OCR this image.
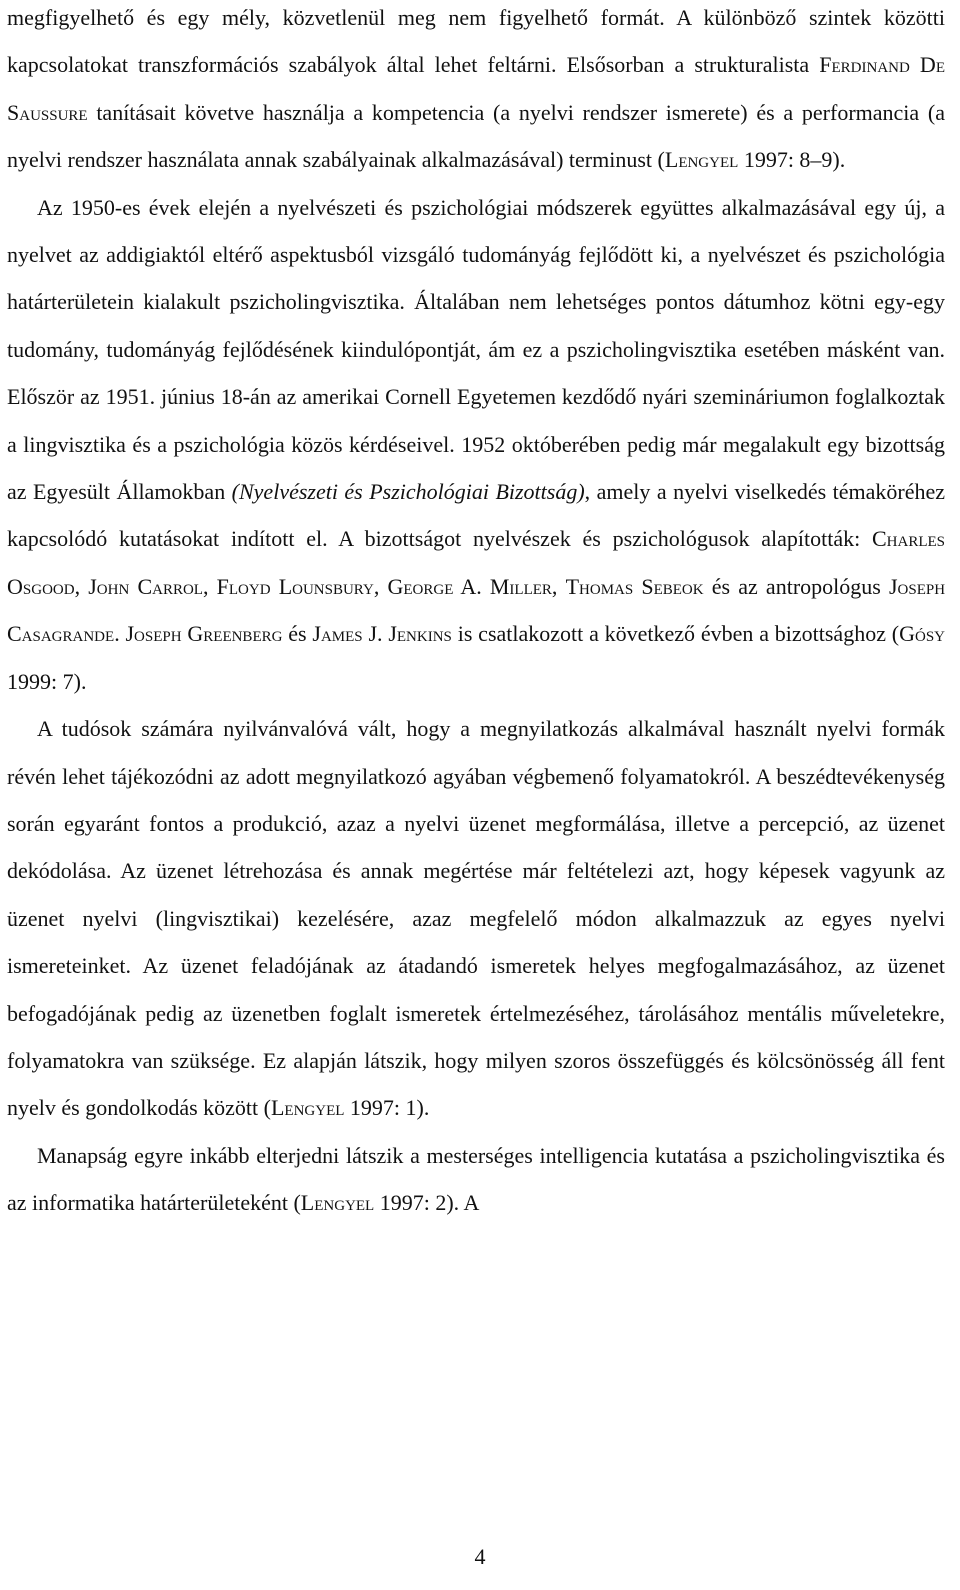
megfigyelhető és egy mély, közvetlenül meg nem figyelhető formát. A különböző szintek közötti kapcsolatokat transzformációs szabályok által lehet feltárni. Elsősorban a strukturalista Ferdinand De Saussure tanításait követve használja a kompetencia (a nyelvi rendszer ismerete) és a performancia (a nyelvi rendszer használata annak szabályainak alkalmazásával) terminust (Lengyel 1997: 8–9).

Az 1950-es évek elején a nyelvészeti és pszichológiai módszerek együttes alkalmazásával egy új, a nyelvet az addigiaktól eltérő aspektusból vizsgáló tudományág fejlődött ki, a nyelvészet és pszichológia határterületein kialakult pszicholingvisztika. Általában nem lehetséges pontos dátumhoz kötni egy-egy tudomány, tudományág fejlődésének kiindulópontját, ám ez a pszicholingvisztika esetében másként van. Először az 1951. június 18-án az amerikai Cornell Egyetemen kezdődő nyári szemináriumon foglalkoztak a lingvisztika és a pszichológia közös kérdéseivel. 1952 októberében pedig már megalakult egy bizottság az Egyesült Államokban (Nyelvészeti és Pszichológiai Bizottság), amely a nyelvi viselkedés témaköréhez kapcsolódó kutatásokat indított el. A bizottságot nyelvészek és pszichológusok alapították: Charles Osgood, John Carrol, Floyd Lounsbury, George A. Miller, Thomas Sebeok és az antropológus Joseph Casagrande. Joseph Greenberg és James J. Jenkins is csatlakozott a következő évben a bizottsághoz (Gósy 1999: 7).

A tudósok számára nyilvánvalóvá vált, hogy a megnyilatkozás alkalmával használt nyelvi formák révén lehet tájékozódni az adott megnyilatkozó agyában végbemenő folyamatokról. A beszédtevékenység során egyaránt fontos a produkció, azaz a nyelvi üzenet megformálása, illetve a percepció, az üzenet dekódolása. Az üzenet létrehozása és annak megértése már feltételezi azt, hogy képesek vagyunk az üzenet nyelvi (lingvisztikai) kezelésére, azaz megfelelő módon alkalmazzuk az egyes nyelvi ismereteinket. Az üzenet feladójának az átadandó ismeretek helyes megfogalmazásához, az üzenet befogadójának pedig az üzenetben foglalt ismeretek értelmezéséhez, tárolásához mentális műveletekre, folyamatokra van szüksége. Ez alapján látszik, hogy milyen szoros összefüggés és kölcsönösség áll fent nyelv és gondolkodás között (Lengyel 1997: 1).

Manapság egyre inkább elterjedni látszik a mesterséges intelligencia kutatása a pszicholingvisztika és az informatika határterületeként (Lengyel 1997: 2). A

4
